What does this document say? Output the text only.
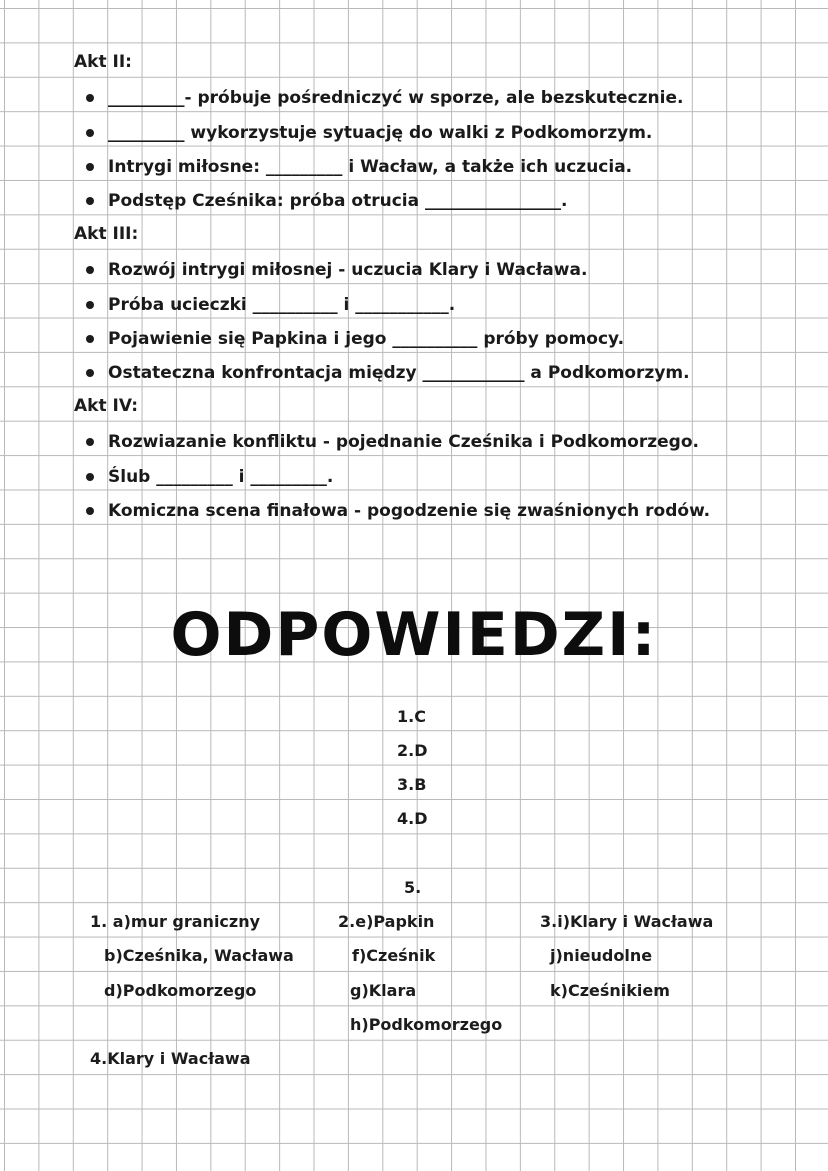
Akt II:
_________- próbuje pośredniczyć w sporze, ale bezskutecznie.
_________ wykorzystuje sytuację do walki z Podkomorzym.
Intrygi miłosne: _________ i Wacław, a także ich uczucia.
Podstęp Cześnika: próba otrucia ________________.
Akt III:
Rozwój intrygi miłosnej - uczucia Klary i Wacława.
Próba ucieczki __________ i ___________.
Pojawienie się Papkina i jego __________ próby pomocy.
Ostateczna konfrontacja między ____________ a Podkomorzym.
Akt IV:
Rozwiazanie konfliktu - pojednanie Cześnika i Podkomorzego.
Ślub _________ i _________.
Komiczna scena finałowa - pogodzenie się zwaśnionych rodów.
ODPOWIEDZI:
1.C
2.D
3.B
4.D
5.
1. a)mur graniczny
b)Cześnika, Wacława
d)Podkomorzego
2.e)Papkin
f)Cześnik
g)Klara
h)Podkomorzego
3.i)Klary i Wacława
j)nieudolne
k)Cześnikiem
4.Klary i Wacława
